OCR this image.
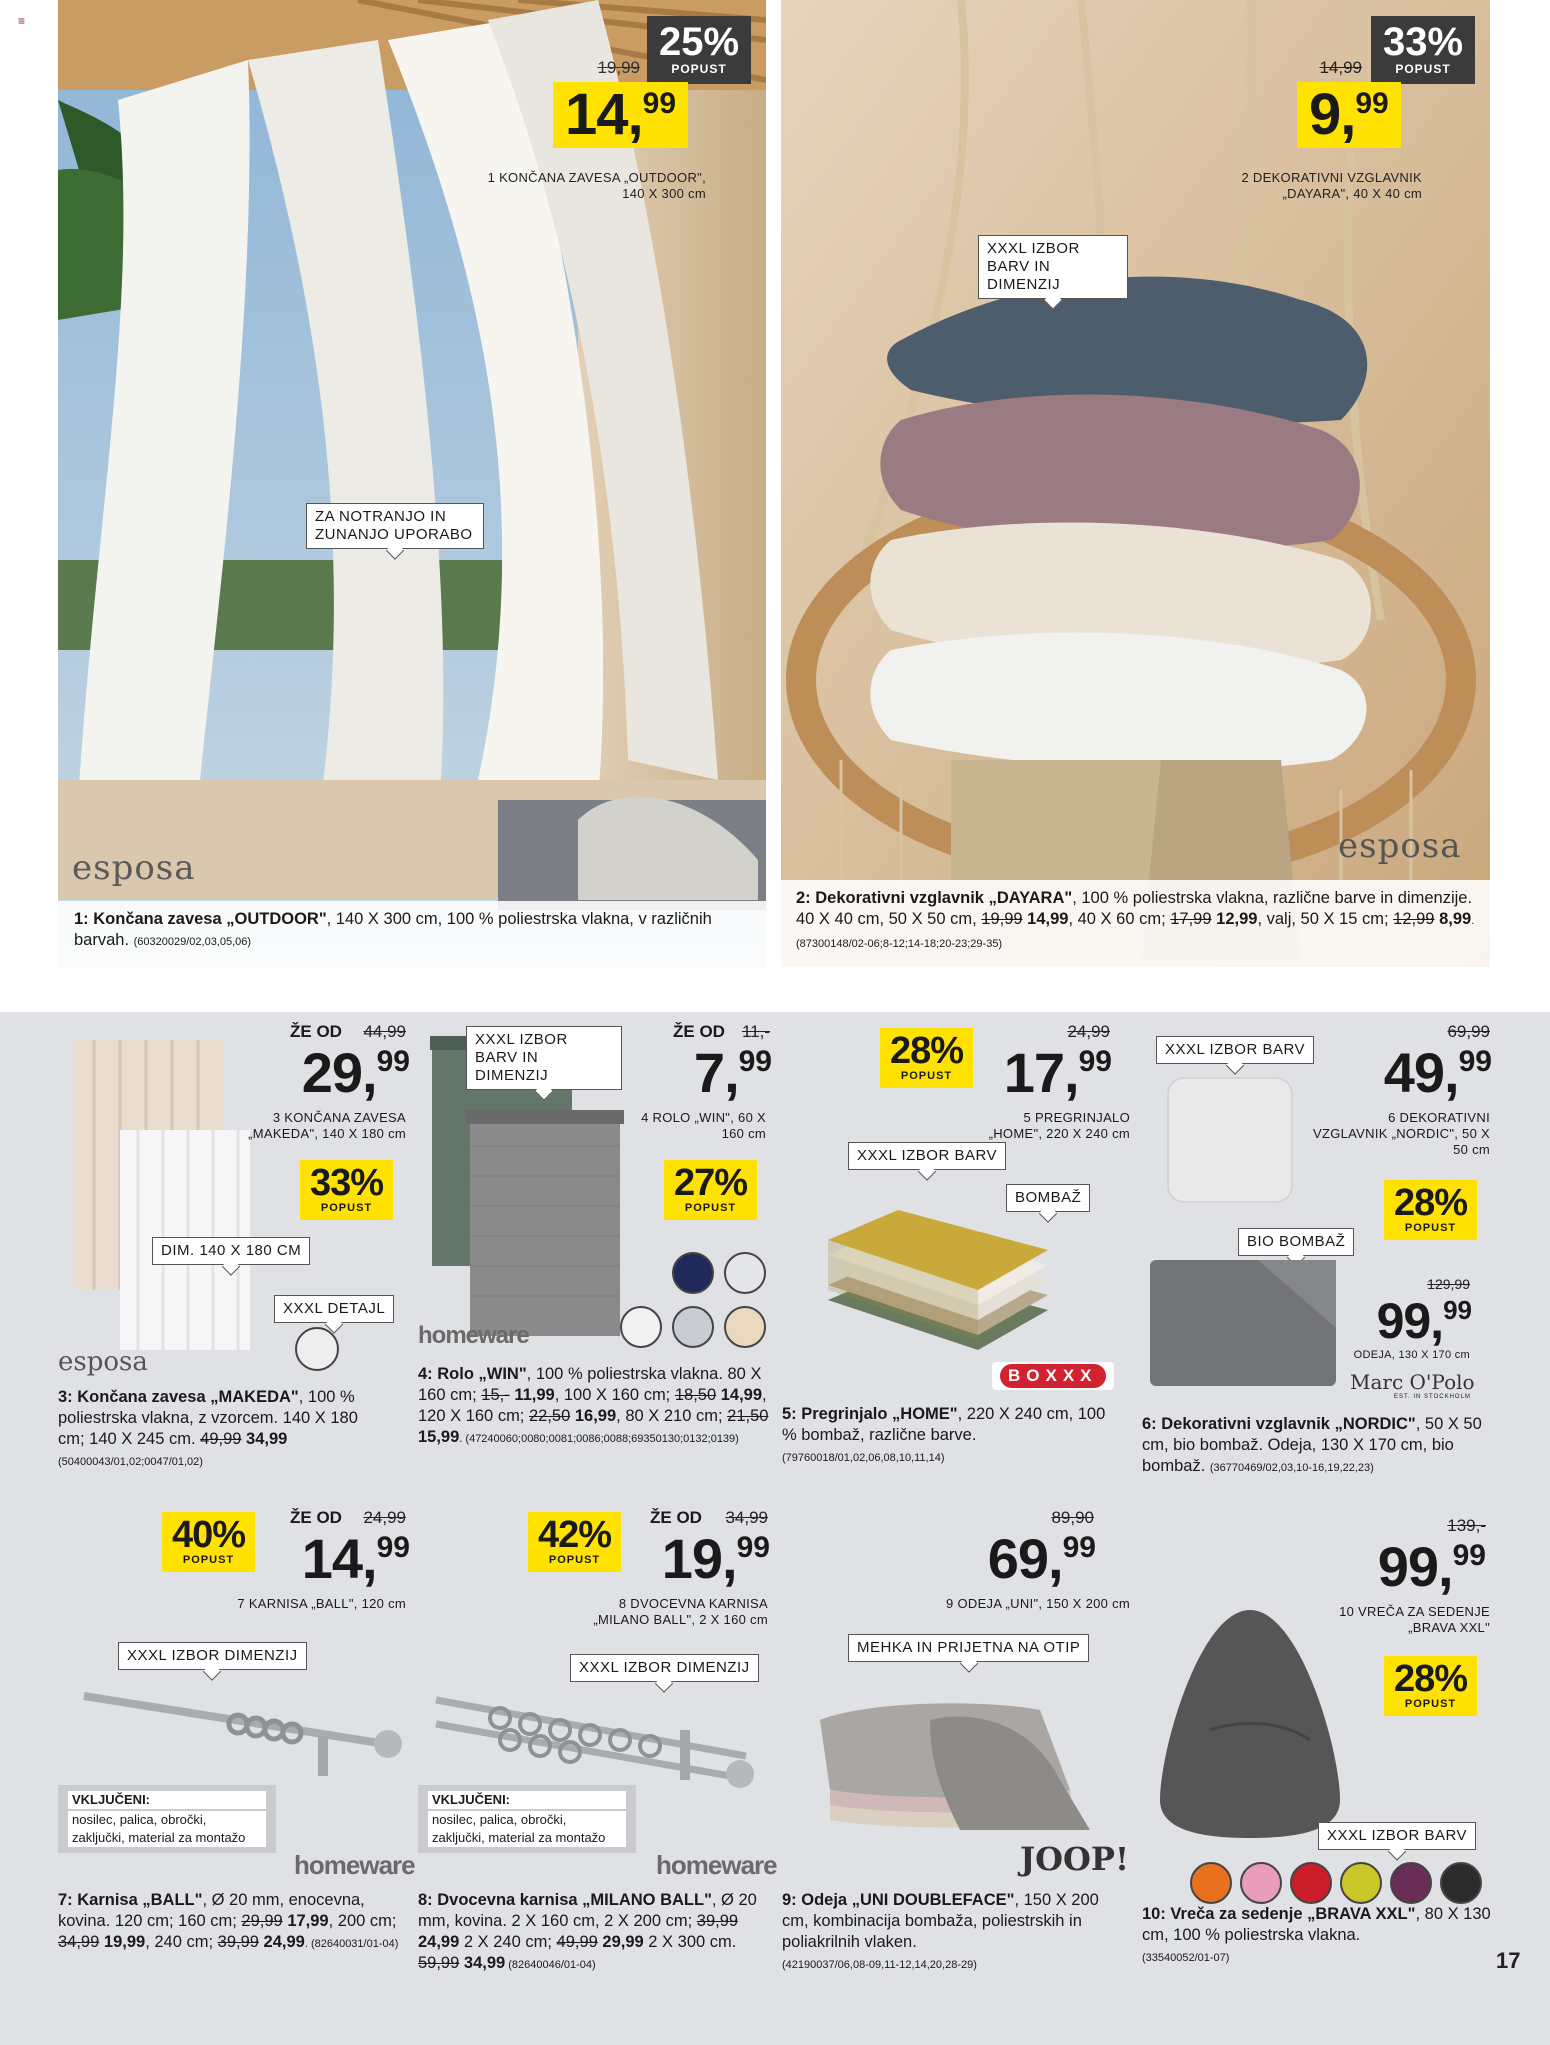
≡	25%
POPUST
19,99
14,99
1 KONČANA ZAVESA „OUTDOOR", 140 X 300 cm
ZA NOTRANJO IN ZUNANJO UPORABO
esposa
1: Končana zavesa „OUTDOOR", 140 X 300 cm, 100 % poliestrska vlakna, v različnih barvah. (60320029/02,03,05,06)
33%
POPUST
14,99
9,99
2 DEKORATIVNI VZGLAVNIK „DAYARA", 40 X 40 cm
XXXL IZBOR BARV IN DIMENZIJ
esposa
2: Dekorativni vzglavnik „DAYARA", 100 % poliestrska vlakna, različne barve in dimenzije. 40 X 40 cm, 50 X 50 cm, 19,99 14,99, 40 X 60 cm; 17,99 12,99, valj, 50 X 15 cm; 12,99 8,99. (87300148/02-06;8-12;14-18;20-23;29-35)
ŽE OD	44,99
29,99
3 KONČANA ZAVESA „MAKEDA", 140 X 180 cm
33%
POPUST
DIM. 140 X 180 CM
XXXL DETAJL
esposa
3: Končana zavesa „MAKEDA", 100 % poliestrska vlakna, z vzorcem. 140 X 180 cm; 140 X 245 cm. 49,99 34,99
(50400043/01,02;0047/01,02)
XXXL IZBOR BARV IN DIMENZIJ
ŽE OD	11,-
7,99
4 ROLO „WIN", 60 X 160 cm
27%
POPUST
homeware
4: Rolo „WIN", 100 % poliestrska vlakna. 80 X 160 cm; 15,- 11,99, 100 X 160 cm; 18,50 14,99, 120 X 160 cm; 22,50 16,99, 80 X 210 cm; 21,50 15,99. (47240060;0080;0081;0086;0088;69350130;0132;0139)
28%
POPUST
24,99
17,99
5 PREGRINJALO „HOME", 220 X 240 cm
XXXL IZBOR BARV
BOMBAŽ
BOXXX
5: Pregrinjalo „HOME", 220 X 240 cm, 100 % bombaž, različne barve.
(79760018/01,02,06,08,10,11,14)
XXXL IZBOR BARV
69,99
49,99
6 DEKORATIVNI VZGLAVNIK „NORDIC", 50 X 50 cm
28%
POPUST
BIO BOMBAŽ
129,99
99,99
ODEJA, 130 X 170 cm
Marc O'Polo
EST. IN STOCKHOLM
6: Dekorativni vzglavnik „NORDIC", 50 X 50 cm, bio bombaž. Odeja, 130 X 170 cm, bio bombaž. (36770469/02,03,10-16,19,22,23)
40%
POPUST
ŽE OD	24,99
14,99
7 KARNISA „BALL", 120 cm
XXXL IZBOR DIMENZIJ
VKLJUČENI:
nosilec, palica, obročki,
zaključki, material za montažo
homeware
7: Karnisa „BALL", Ø 20 mm, enocevna, kovina. 120 cm; 160 cm; 29,99 17,99, 200 cm; 34,99 19,99, 240 cm; 39,99 24,99. (82640031/01-04)
42%
POPUST
ŽE OD	34,99
19,99
8 DVOCEVNA KARNISA „MILANO BALL", 2 X 160 cm
XXXL IZBOR DIMENZIJ
VKLJUČENI:
nosilec, palica, obročki,
zaključki, material za montažo
homeware
8: Dvocevna karnisa „MILANO BALL", Ø 20 mm, kovina. 2 X 160 cm, 2 X 200 cm; 39,99 24,99 2 X 240 cm; 49,99 29,99 2 X 300 cm. 59,99 34,99 (82640046/01-04)
89,90
69,99
9 ODEJA „UNI", 150 X 200 cm
MEHKA IN PRIJETNA NA OTIP
JOOP!
9: Odeja „UNI DOUBLEFACE", 150 X 200 cm, kombinacija bombaža, poliestrskih in poliakrilnih vlaken.
(42190037/06,08-09,11-12,14,20,28-29)
139,-
99,99
10 VREČA ZA SEDENJE „BRAVA XXL"
28%
POPUST
XXXL IZBOR BARV
10: Vreča za sedenje „BRAVA XXL", 80 X 130 cm, 100 % poliestrska vlakna.
(33540052/01-07)	17
